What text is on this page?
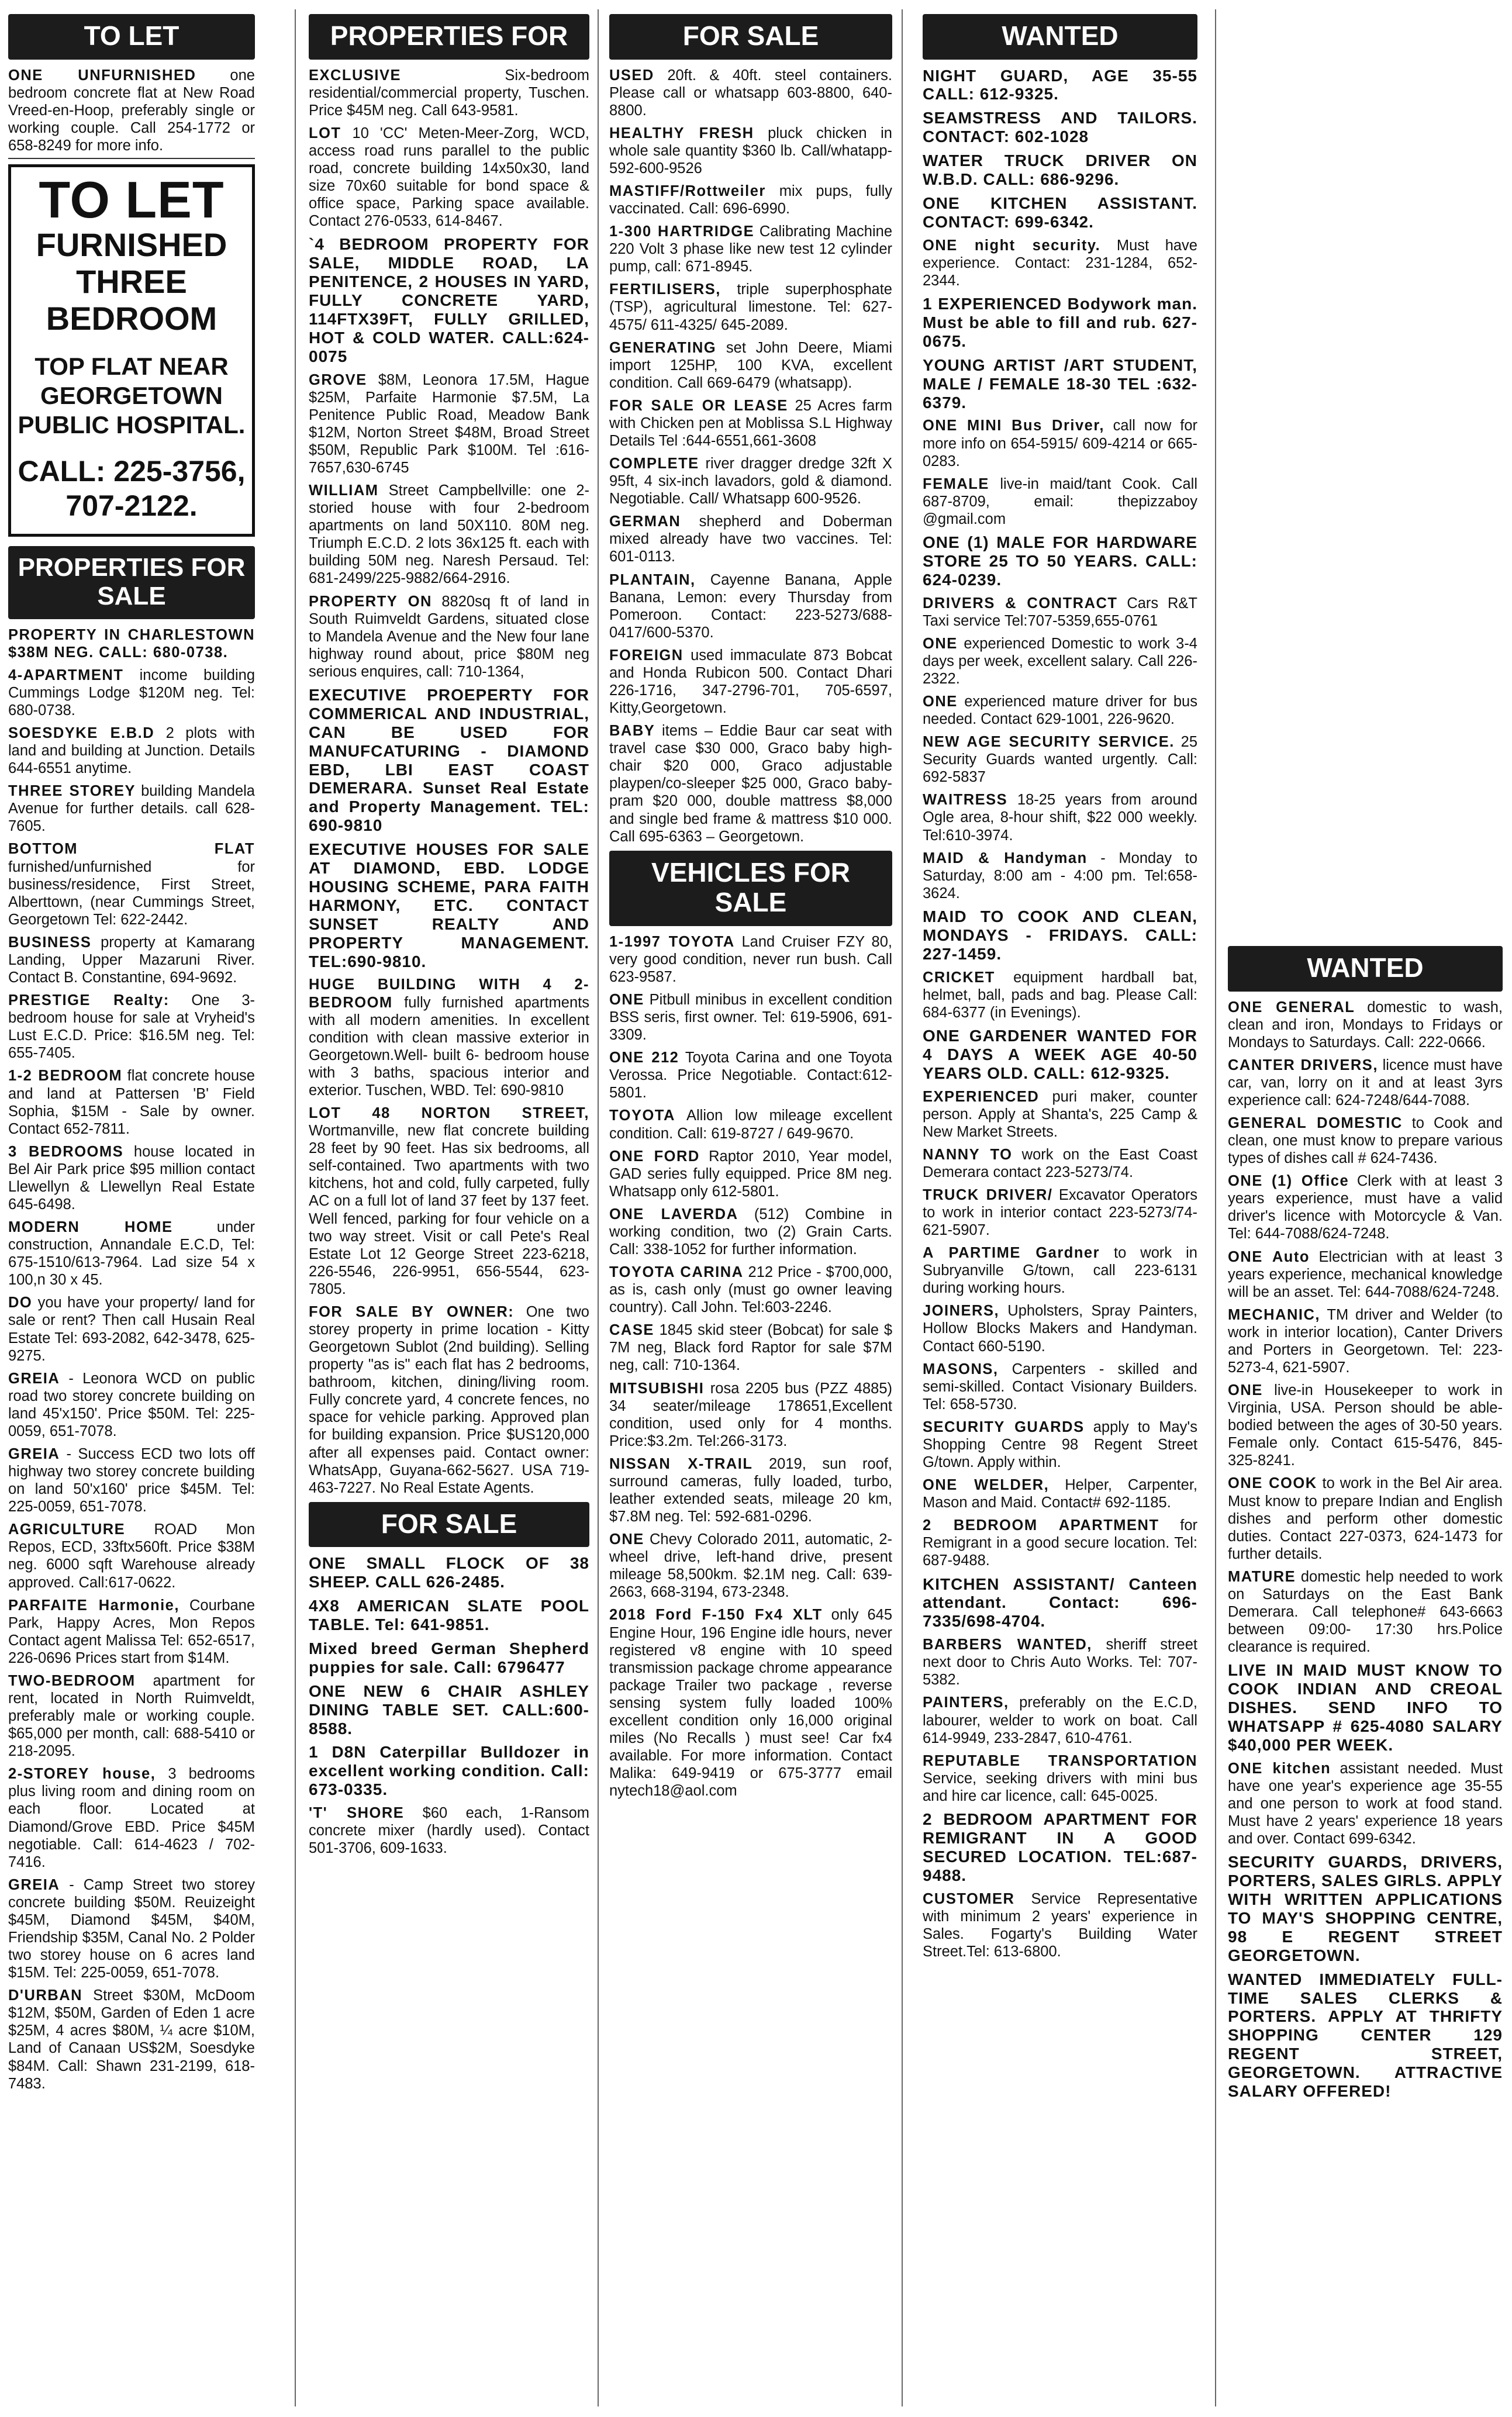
TO LET
ONE UNFURNISHED one bedroom concrete flat at New Road Vreed-en-Hoop, preferably single or working couple. Call 254-1772 or 658-8249 for more info.
TO LET
FURNISHED
THREE BEDROOM
TOP FLAT NEAR GEORGETOWN PUBLIC HOSPITAL.
CALL: 225-3756, 707-2122.
PROPERTIES FOR SALE
PROPERTY IN CHARLESTOWN $38M NEG. CALL: 680-0738.
4-APARTMENT income building Cummings Lodge $120M neg. Tel: 680-0738.
SOESDYKE E.B.D 2 plots with land and building at Junction. Details 644-6551 anytime.
THREE STOREY building Mandela Avenue for further details. call 628-7605.
BOTTOM FLAT furnished/unfurnished for business/residence, First Street, Alberttown, (near Cummings Street, Georgetown Tel: 622-2442.
BUSINESS property at Kamarang Landing, Upper Mazaruni River. Contact B. Constantine, 694-9692.
PRESTIGE Realty: One 3-bedroom house for sale at Vryheid's Lust E.C.D. Price: $16.5M neg. Tel: 655-7405.
1-2 BEDROOM flat concrete house and land at Pattersen 'B' Field Sophia, $15M - Sale by owner. Contact 652-7811.
3 BEDROOMS house located in Bel Air Park price $95 million contact Llewellyn & Llewellyn Real Estate 645-6498.
MODERN HOME under construction, Annandale E.C.D, Tel: 675-1510/613-7964. Lad size 54 x 100,n 30 x 45.
DO you have your property/ land for sale or rent? Then call Husain Real Estate Tel: 693-2082, 642-3478, 625-9275.
GREIA - Leonora WCD on public road two storey concrete building on land 45'x150'. Price $50M. Tel: 225-0059, 651-7078.
GREIA - Success ECD two lots off highway two storey concrete building on land 50'x160' price $45M. Tel: 225-0059, 651-7078.
AGRICULTURE ROAD Mon Repos, ECD, 33ftx560ft. Price $38M neg. 6000 sqft Warehouse already approved. Call:617-0622.
PARFAITE Harmonie, Courbane Park, Happy Acres, Mon Repos Contact agent Malissa Tel: 652-6517, 226-0696 Prices start from $14M.
TWO-BEDROOM apartment for rent, located in North Ruimveldt, preferably male or working couple. $65,000 per month, call: 688-5410 or 218-2095.
2-STOREY house, 3 bedrooms plus living room and dining room on each floor. Located at Diamond/Grove EBD. Price $45M negotiable. Call: 614-4623 / 702-7416.
GREIA - Camp Street two storey concrete building $50M. Reuizeight $45M, Diamond $45M, $40M, Friendship $35M, Canal No. 2 Polder two storey house on 6 acres land $15M. Tel: 225-0059, 651-7078.
D'URBAN Street $30M, McDoom $12M, $50M, Garden of Eden 1 acre $25M, 4 acres $80M, ¼ acre $10M, Land of Canaan US$2M, Soesdyke $84M. Call: Shawn 231-2199, 618-7483.
PROPERTIES FOR
EXCLUSIVE Six-bedroom residential/commercial property, Tuschen. Price $45M neg. Call 643-9581.
LOT 10 'CC' Meten-Meer-Zorg, WCD, access road runs parallel to the public road, concrete building 14x50x30, land size 70x60 suitable for bond space & office space, Parking space available. Contact 276-0533, 614-8467.
`4 BEDROOM PROPERTY FOR SALE, MIDDLE ROAD, LA PENITENCE, 2 HOUSES IN YARD, FULLY CONCRETE YARD, 114FTX39FT, FULLY GRILLED, HOT & COLD WATER. CALL:624-0075
GROVE $8M, Leonora 17.5M, Hague $25M, Parfaite Harmonie $7.5M, La Penitence Public Road, Meadow Bank $12M, Norton Street $48M, Broad Street $50M, Republic Park $100M. Tel :616-7657,630-6745
WILLIAM Street Campbellville: one 2-storied house with four 2-bedroom apartments on land 50X110. 80M neg. Triumph E.C.D. 2 lots 36x125 ft. each with building 50M neg. Naresh Persaud. Tel: 681-2499/225-9882/664-2916.
PROPERTY ON 8820sq ft of land in South Ruimveldt Gardens, situated close to Mandela Avenue and the New four lane highway round about, price $80M neg serious enquires, call: 710-1364,
EXECUTIVE PROEPERTY FOR COMMERICAL AND INDUSTRIAL, CAN BE USED FOR MANUFCATURING - DIAMOND EBD, LBI EAST COAST DEMERARA. Sunset Real Estate and Property Management. TEL: 690-9810
EXECUTIVE HOUSES FOR SALE AT DIAMOND, EBD. LODGE HOUSING SCHEME, PARA FAITH HARMONY, ETC. CONTACT SUNSET REALTY AND PROPERTY MANAGEMENT. TEL:690-9810.
HUGE BUILDING WITH 4 2- BEDROOM fully furnished apartments with all modern amenities. In excellent condition with clean massive exterior in Georgetown.Well- built 6- bedroom house with 3 baths, spacious interior and exterior. Tuschen, WBD. Tel: 690-9810
LOT 48 NORTON STREET, Wortmanville, new flat concrete building 28 feet by 90 feet. Has six bedrooms, all self-contained. Two apartments with two kitchens, hot and cold, fully carpeted, fully AC on a full lot of land 37 feet by 137 feet. Well fenced, parking for four vehicle on a two way street. Visit or call Pete's Real Estate Lot 12 George Street 223-6218, 226-5546, 226-9951, 656-5544, 623-7805.
FOR SALE BY OWNER: One two storey property in prime location - Kitty Georgetown Sublot (2nd building). Selling property "as is" each flat has 2 bedrooms, bathroom, kitchen, dining/living room. Fully concrete yard, 4 concrete fences, no space for vehicle parking. Approved plan for building expansion. Price $US120,000 after all expenses paid. Contact owner: WhatsApp, Guyana-662-5627. USA 719-463-7227. No Real Estate Agents.
FOR SALE
ONE SMALL FLOCK OF 38 SHEEP. CALL 626-2485.
4X8 AMERICAN SLATE POOL TABLE. Tel: 641-9851.
Mixed breed German Shepherd puppies for sale. Call: 6796477
ONE NEW 6 CHAIR ASHLEY DINING TABLE SET. CALL:600-8588.
1 D8N Caterpillar Bulldozer in excellent working condition. Call: 673-0335.
'T' SHORE $60 each, 1-Ransom concrete mixer (hardly used). Contact 501-3706, 609-1633.
FOR SALE
USED 20ft. & 40ft. steel containers. Please call or whatsapp 603-8800, 640-8800.
HEALTHY FRESH pluck chicken in whole sale quantity $360 lb. Call/whatapp- 592-600-9526
MASTIFF/Rottweiler mix pups, fully vaccinated. Call: 696-6990.
1-300 HARTRIDGE Calibrating Machine 220 Volt 3 phase like new test 12 cylinder pump, call: 671-8945.
FERTILISERS, triple superphosphate (TSP), agricultural limestone. Tel: 627-4575/ 611-4325/ 645-2089.
GENERATING set John Deere, Miami import 125HP, 100 KVA, excellent condition. Call 669-6479 (whatsapp).
FOR SALE OR LEASE 25 Acres farm with Chicken pen at Moblissa S.L Highway Details Tel :644-6551,661-3608
COMPLETE river dragger dredge 32ft X 95ft, 4 six-inch lavadors, gold & diamond. Negotiable. Call/ Whatsapp 600-9526.
GERMAN shepherd and Doberman mixed already have two vaccines. Tel: 601-0113.
PLANTAIN, Cayenne Banana, Apple Banana, Lemon: every Thursday from Pomeroon. Contact: 223-5273/688-0417/600-5370.
FOREIGN used immaculate 873 Bobcat and Honda Rubicon 500. Contact Dhari 226-1716, 347-2796-701, 705-6597, Kitty,Georgetown.
BABY items – Eddie Baur car seat with travel case $30 000, Graco baby high-chair $20 000, Graco adjustable playpen/co-sleeper $25 000, Graco baby-pram $20 000, double mattress $8,000 and single bed frame & mattress $10 000. Call 695-6363 – Georgetown.
VEHICLES FOR SALE
1-1997 TOYOTA Land Cruiser FZY 80, very good condition, never run bush. Call 623-9587.
ONE Pitbull minibus in excellent condition BSS seris, first owner. Tel: 619-5906, 691-3309.
ONE 212 Toyota Carina and one Toyota Verossa. Price Negotiable. Contact:612-5801.
TOYOTA Allion low mileage excellent condition. Call: 619-8727 / 649-9670.
ONE FORD Raptor 2010, Year model, GAD series fully equipped. Price 8M neg. Whatsapp only 612-5801.
ONE LAVERDA (512) Combine in working condition, two (2) Grain Carts. Call: 338-1052 for further information.
TOYOTA CARINA 212 Price - $700,000, as is, cash only (must go owner leaving country). Call John. Tel:603-2246.
CASE 1845 skid steer (Bobcat) for sale $ 7M neg, Black ford Raptor for sale $7M neg, call: 710-1364.
MITSUBISHI rosa 2205 bus (PZZ 4885) 34 seater/mileage 178651,Excellent condition, used only for 4 months. Price:$3.2m. Tel:266-3173.
NISSAN X-TRAIL 2019, sun roof, surround cameras, fully loaded, turbo, leather extended seats, mileage 20 km, $7.8M neg. Tel: 592-681-0296.
ONE Chevy Colorado 2011, automatic, 2-wheel drive, left-hand drive, present mileage 58,500km. $2.1M neg. Call: 639-2663, 668-3194, 673-2348.
2018 Ford F-150 Fx4 XLT only 645 Engine Hour, 196 Engine idle hours, never registered v8 engine with 10 speed transmission package chrome appearance package Trailer two package , reverse sensing system fully loaded 100% excellent condition only 16,000 original miles (No Recalls ) must see! Car fx4 available. For more information. Contact Malika: 649-9419 or 675-3777 email nytech18@aol.com
WANTED
NIGHT GUARD, AGE 35-55 CALL: 612-9325.
SEAMSTRESS AND TAILORS. CONTACT: 602-1028
WATER TRUCK DRIVER ON W.B.D. CALL: 686-9296.
ONE KITCHEN ASSISTANT. CONTACT: 699-6342.
ONE night security. Must have experience. Contact: 231-1284, 652-2344.
1 EXPERIENCED Bodywork man. Must be able to fill and rub. 627-0675.
YOUNG ARTIST /ART STUDENT, MALE / FEMALE 18-30 TEL :632-6379.
ONE MINI Bus Driver, call now for more info on 654-5915/ 609-4214 or 665-0283.
FEMALE live-in maid/tant Cook. Call 687-8709, email: thepizzaboy @gmail.com
ONE (1) MALE FOR HARDWARE STORE 25 TO 50 YEARS. CALL: 624-0239.
DRIVERS & CONTRACT Cars R&T Taxi service Tel:707-5359,655-0761
ONE experienced Domestic to work 3-4 days per week, excellent salary. Call 226-2322.
ONE experienced mature driver for bus needed. Contact 629-1001, 226-9620.
NEW AGE SECURITY SERVICE. 25 Security Guards wanted urgently. Call: 692-5837
WAITRESS 18-25 years from around Ogle area, 8-hour shift, $22 000 weekly. Tel:610-3974.
MAID & Handyman - Monday to Saturday, 8:00 am - 4:00 pm. Tel:658-3624.
MAID TO COOK AND CLEAN, MONDAYS - FRIDAYS. CALL: 227-1459.
CRICKET equipment hardball bat, helmet, ball, pads and bag. Please Call: 684-6377 (in Evenings).
ONE GARDENER WANTED FOR 4 DAYS A WEEK AGE 40-50 YEARS OLD. CALL: 612-9325.
EXPERIENCED puri maker, counter person. Apply at Shanta's, 225 Camp & New Market Streets.
NANNY TO work on the East Coast Demerara contact 223-5273/74.
TRUCK DRIVER/ Excavator Operators to work in interior contact 223-5273/74-621-5907.
A PARTIME Gardner to work in Subryanville G/town, call 223-6131 during working hours.
JOINERS, Upholsters, Spray Painters, Hollow Blocks Makers and Handyman. Contact 660-5190.
MASONS, Carpenters - skilled and semi-skilled. Contact Visionary Builders. Tel: 658-5730.
SECURITY GUARDS apply to May's Shopping Centre 98 Regent Street G/town. Apply within.
ONE WELDER, Helper, Carpenter, Mason and Maid. Contact# 692-1185.
2 BEDROOM APARTMENT for Remigrant in a good secure location. Tel: 687-9488.
KITCHEN ASSISTANT/ Canteen attendant. Contact: 696-7335/698-4704.
BARBERS WANTED, sheriff street next door to Chris Auto Works. Tel: 707-5382.
PAINTERS, preferably on the E.C.D, labourer, welder to work on boat. Call 614-9949, 233-2847, 610-4761.
REPUTABLE TRANSPORTATION Service, seeking drivers with mini bus and hire car licence, call: 645-0025.
2 BEDROOM APARTMENT FOR REMIGRANT IN A GOOD SECURED LOCATION. TEL:687-9488.
CUSTOMER Service Representative with minimum 2 years' experience in Sales. Fogarty's Building Water Street.Tel: 613-6800.
WANTED
ONE GENERAL domestic to wash, clean and iron, Mondays to Fridays or Mondays to Saturdays. Call: 222-0666.
CANTER DRIVERS, licence must have car, van, lorry on it and at least 3yrs experience call: 624-7248/644-7088.
GENERAL DOMESTIC to Cook and clean, one must know to prepare various types of dishes call # 624-7436.
ONE (1) Office Clerk with at least 3 years experience, must have a valid driver's licence with Motorcycle & Van. Tel: 644-7088/624-7248.
ONE Auto Electrician with at least 3 years experience, mechanical knowledge will be an asset. Tel: 644-7088/624-7248.
MECHANIC, TM driver and Welder (to work in interior location), Canter Drivers and Porters in Georgetown. Tel: 223-5273-4, 621-5907.
ONE live-in Housekeeper to work in Virginia, USA. Person should be able-bodied between the ages of 30-50 years. Female only. Contact 615-5476, 845-325-8241.
ONE COOK to work in the Bel Air area. Must know to prepare Indian and English dishes and perform other domestic duties. Contact 227-0373, 624-1473 for further details.
MATURE domestic help needed to work on Saturdays on the East Bank Demerara. Call telephone# 643-6663 between 09:00- 17:30 hrs.Police clearance is required.
LIVE IN MAID MUST KNOW TO COOK INDIAN AND CREOAL DISHES. SEND INFO TO WHATSAPP # 625-4080 SALARY $40,000 PER WEEK.
ONE kitchen assistant needed. Must have one year's experience age 35-55 and one person to work at food stand. Must have 2 years' experience 18 years and over. Contact 699-6342.
SECURITY GUARDS, DRIVERS, PORTERS, SALES GIRLS. APPLY WITH WRITTEN APPLICATIONS TO MAY'S SHOPPING CENTRE, 98 E REGENT STREET GEORGETOWN.
WANTED IMMEDIATELY FULL-TIME SALES CLERKS & PORTERS. APPLY AT THRIFTY SHOPPING CENTER 129 REGENT STREET, GEORGETOWN. ATTRACTIVE SALARY OFFERED!
